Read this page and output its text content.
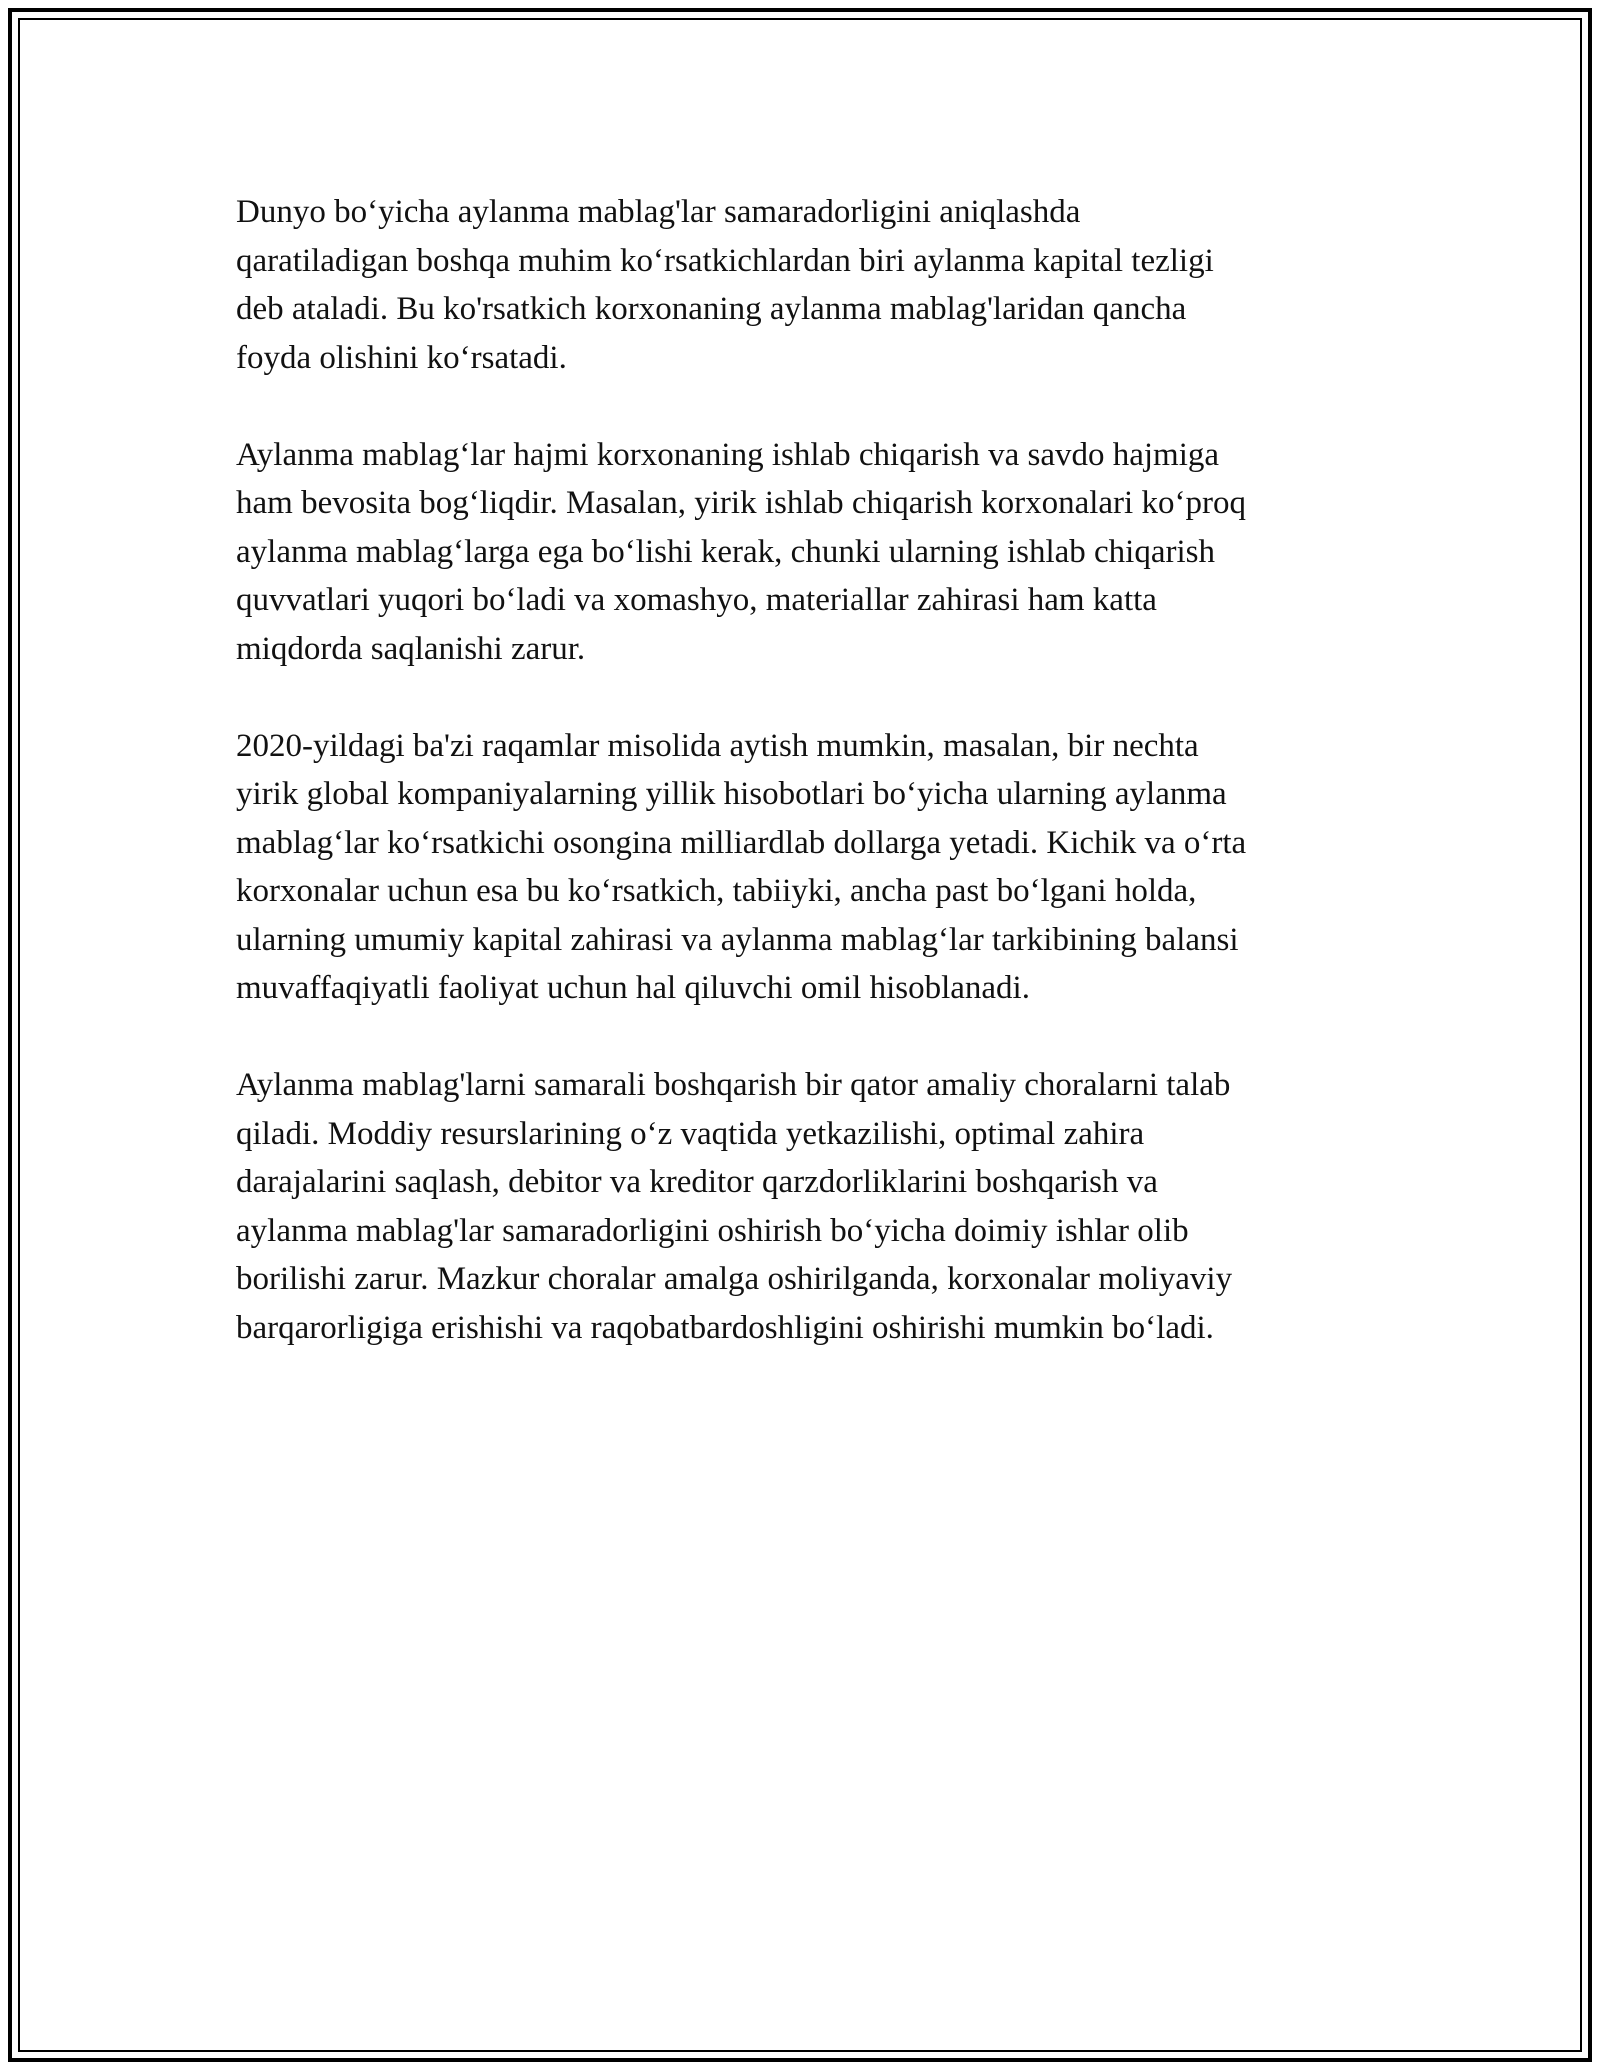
Dunyo bo‘yicha aylanma mablag'lar samaradorligini aniqlashda
qaratiladigan boshqa muhim ko‘rsatkichlardan biri aylanma kapital tezligi
deb ataladi. Bu ko'rsatkich korxonaning aylanma mablag'laridan qancha
foyda olishini ko‘rsatadi.

Aylanma mablag‘lar hajmi korxonaning ishlab chiqarish va savdo hajmiga
ham bevosita bog‘liqdir. Masalan, yirik ishlab chiqarish korxonalari ko‘proq
aylanma mablag‘larga ega bo‘lishi kerak, chunki ularning ishlab chiqarish
quvvatlari yuqori bo‘ladi va xomashyo, materiallar zahirasi ham katta
miqdorda saqlanishi zarur.

2020-yildagi ba'zi raqamlar misolida aytish mumkin, masalan, bir nechta
yirik global kompaniyalarning yillik hisobotlari bo‘yicha ularning aylanma
mablag‘lar ko‘rsatkichi osongina milliardlab dollarga yetadi. Kichik va o‘rta
korxonalar uchun esa bu ko‘rsatkich, tabiiyki, ancha past bo‘lgani holda,
ularning umumiy kapital zahirasi va aylanma mablag‘lar tarkibining balansi
muvaffaqiyatli faoliyat uchun hal qiluvchi omil hisoblanadi.

Aylanma mablag'larni samarali boshqarish bir qator amaliy choralarni talab
qiladi. Moddiy resurslarining o‘z vaqtida yetkazilishi, optimal zahira
darajalarini saqlash, debitor va kreditor qarzdorliklarini boshqarish va
aylanma mablag'lar samaradorligini oshirish bo‘yicha doimiy ishlar olib
borilishi zarur. Mazkur choralar amalga oshirilganda, korxonalar moliyaviy
barqarorligiga erishishi va raqobatbardoshligini oshirishi mumkin bo‘ladi.
